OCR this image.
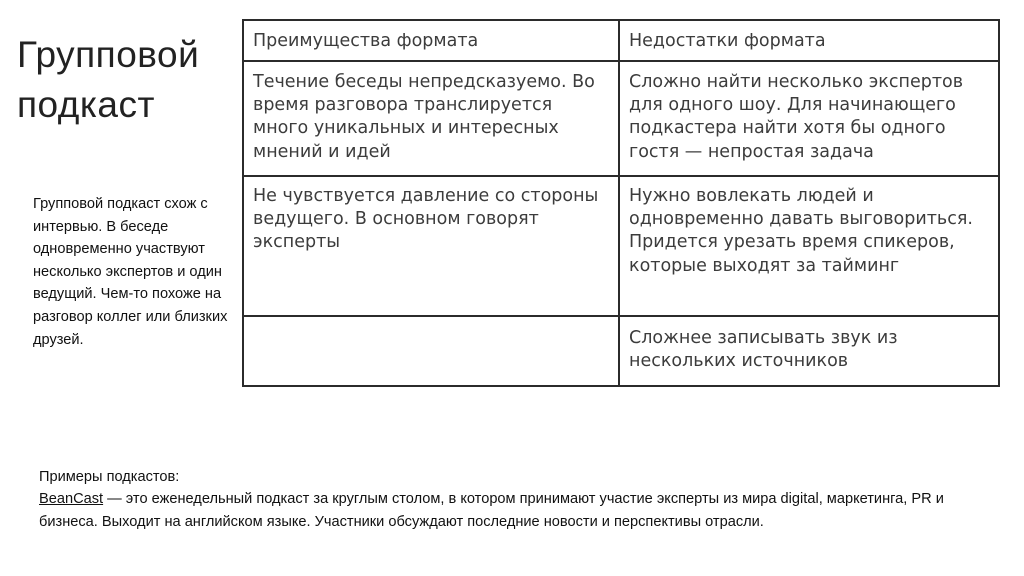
Групповой
подкаст
Групповой подкаст схож с интервью. В беседе одновременно участвуют несколько экспертов и один ведущий. Чем-то похоже на разговор коллег или близких друзей.
Преимущества формата	Недостатки формата
Течение беседы непредсказуемо. Во время разговора транслируется много уникальных и интересных мнений и идей	Сложно найти несколько экспертов для одного шоу. Для начинающего подкастера найти хотя бы одного гостя — непростая задача
Не чувствуется давление со стороны ведущего. В основном говорят эксперты	Нужно вовлекать людей и одновременно давать выговориться. Придется урезать время спикеров, которые выходят за тайминг
	Сложнее записывать звук из нескольких источников
Примеры подкастов:
BeanCast — это еженедельный подкаст за круглым столом, в котором принимают участие эксперты из мира digital, маркетинга, PR и бизнеса. Выходит на английском языке. Участники обсуждают последние новости и перспективы отрасли.
